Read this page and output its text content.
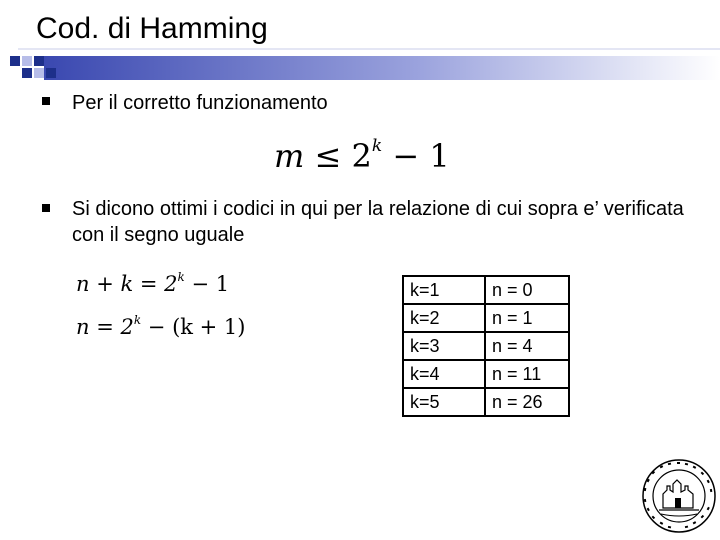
Cod. di Hamming
Per il corretto funzionamento
$m \le 2^k - 1$
Si dicono ottimi i codici in qui per la relazione di cui sopra e’ verificata con il segno uguale
$n + k = 2^k - 1$
$n = 2^k - (k + 1)$
k=1	n = 0
k=2	n = 1
k=3	n = 4
k=4	n = 11
k=5	n = 26
